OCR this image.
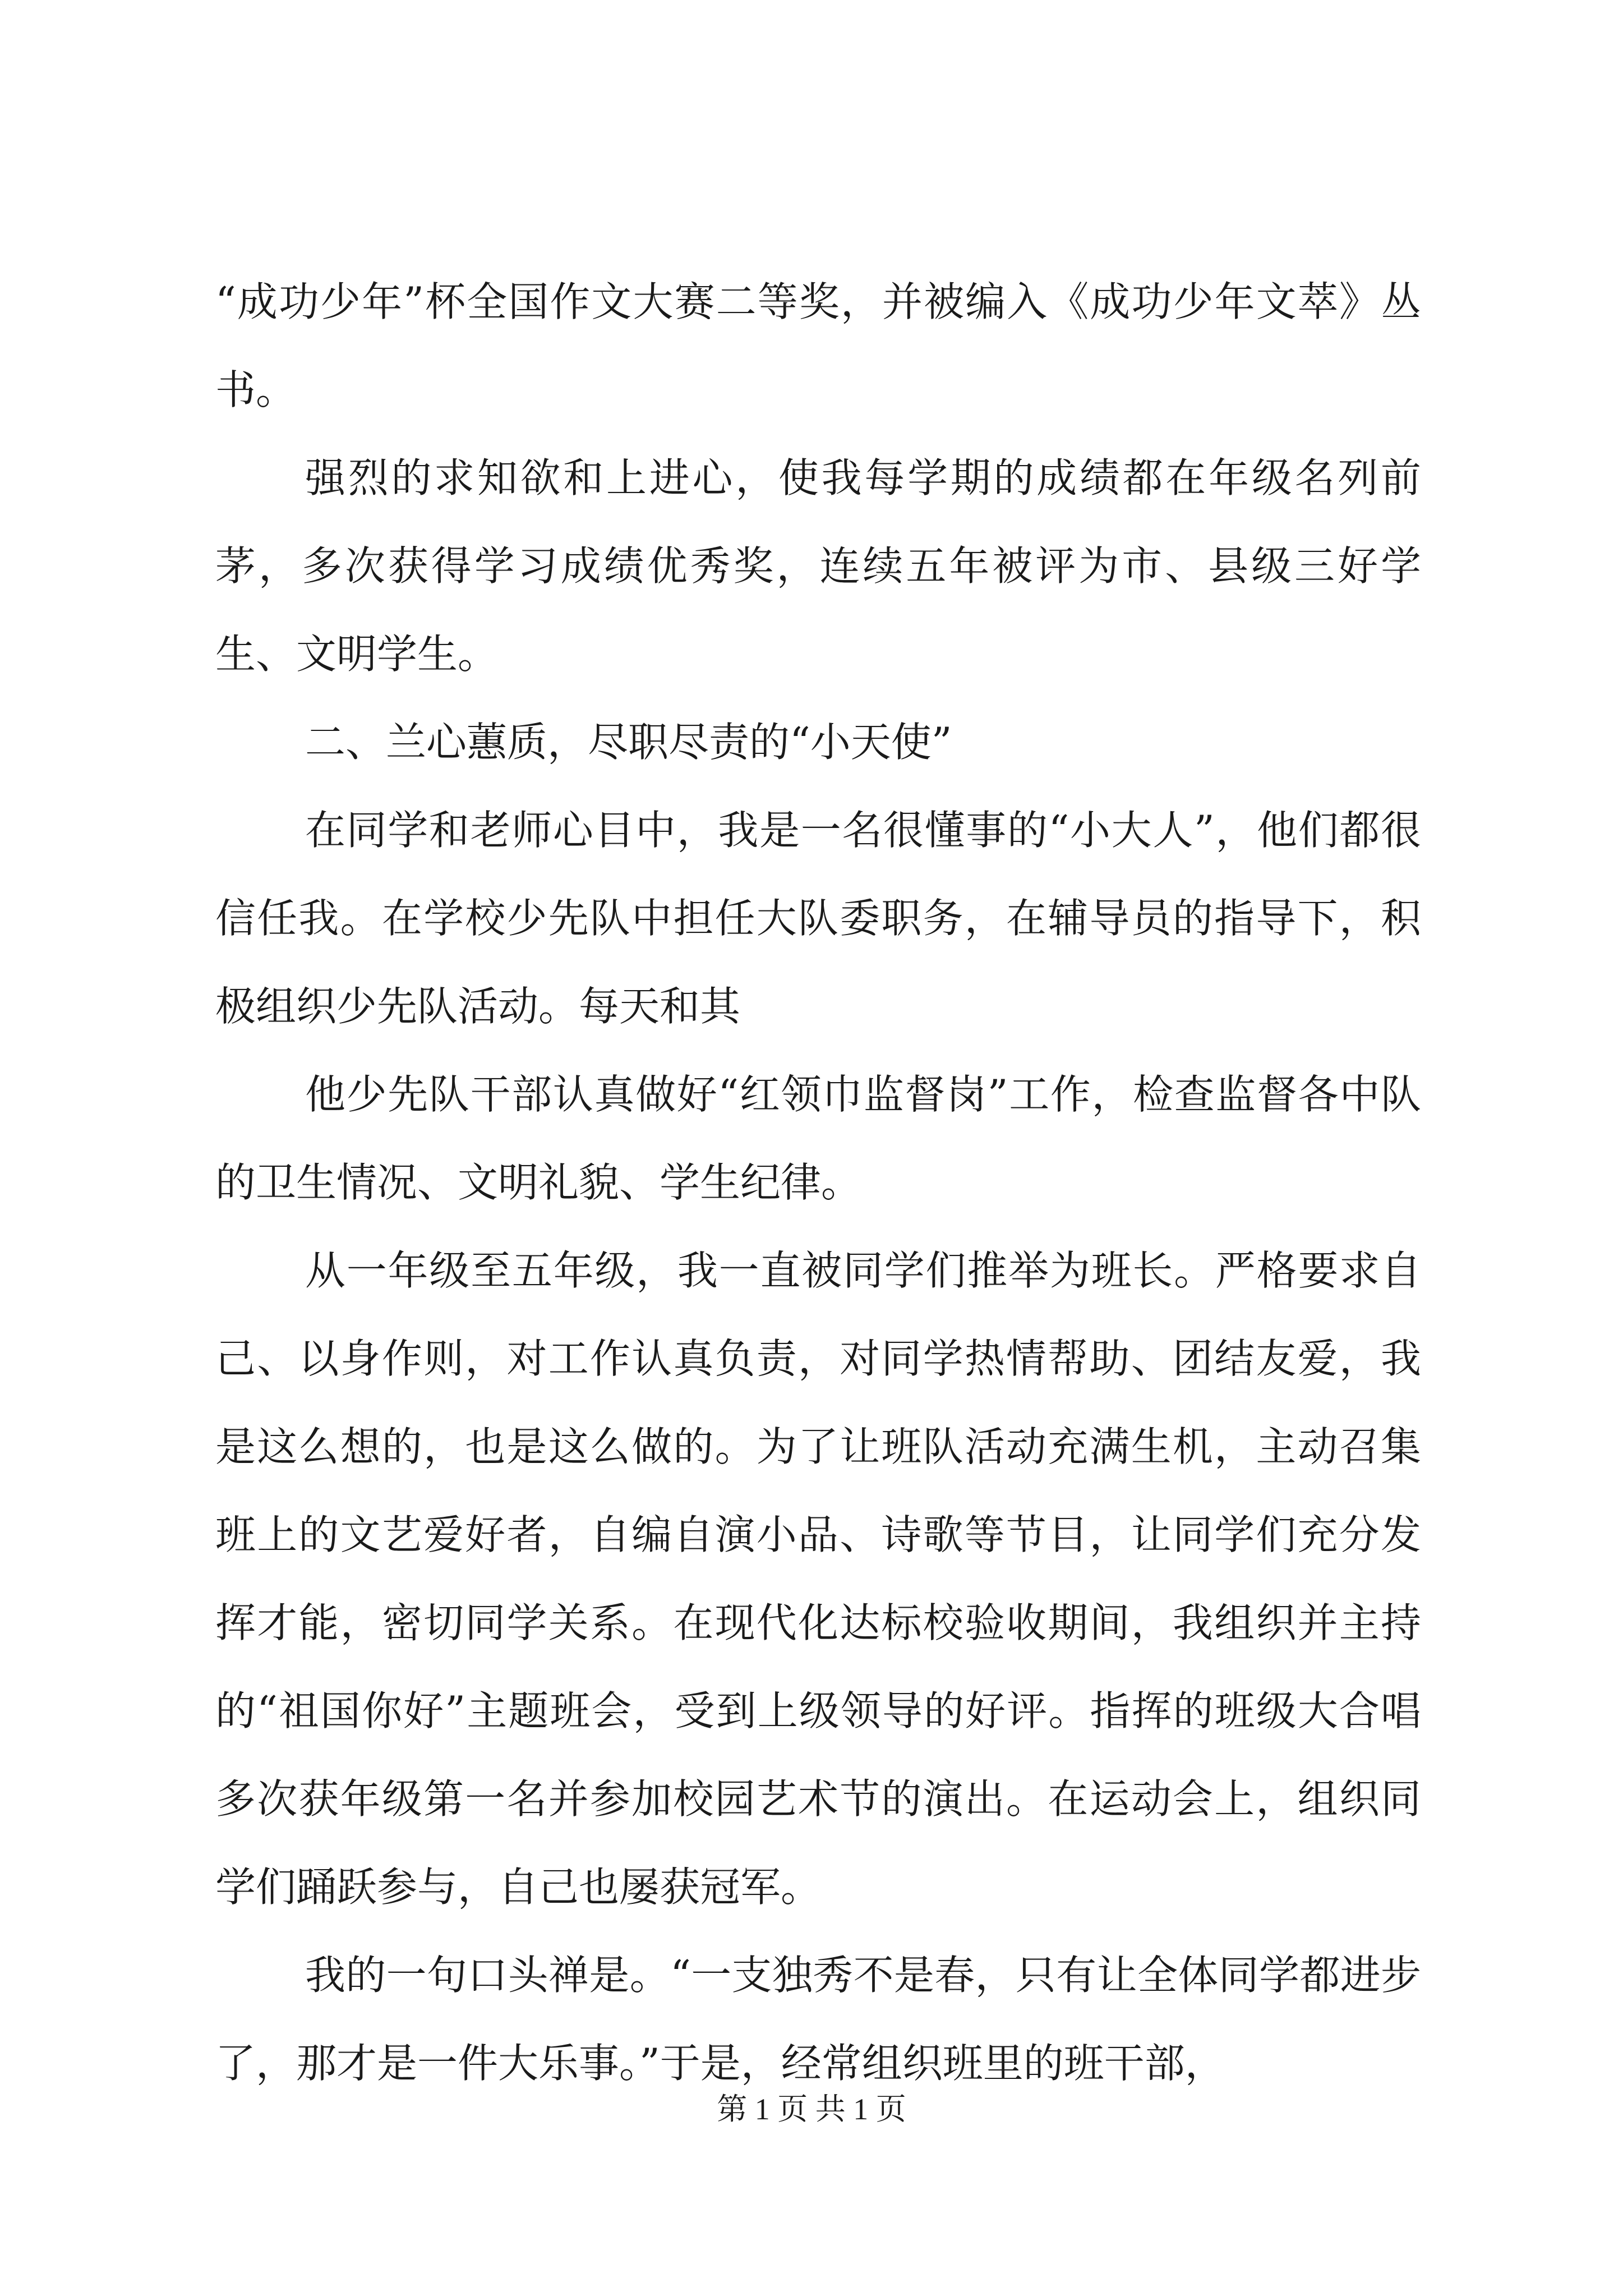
“成功少年”杯全国作文大赛二等奖，并被编入《成功少年文萃》丛书。

强烈的求知欲和上进心，使我每学期的成绩都在年级名列前茅，多次获得学习成绩优秀奖，连续五年被评为市、县级三好学生、文明学生。

二、兰心蕙质，尽职尽责的“小天使”

在同学和老师心目中，我是一名很懂事的“小大人”，他们都很信任我。在学校少先队中担任大队委职务，在辅导员的指导下，积极组织少先队活动。每天和其

他少先队干部认真做好“红领巾监督岗”工作，检查监督各中队的卫生情况、文明礼貌、学生纪律。

从一年级至五年级，我一直被同学们推举为班长。严格要求自己、以身作则，对工作认真负责，对同学热情帮助、团结友爱，我是这么想的，也是这么做的。为了让班队活动充满生机，主动召集班上的文艺爱好者，自编自演小品、诗歌等节目，让同学们充分发挥才能，密切同学关系。在现代化达标校验收期间，我组织并主持的“祖国你好”主题班会，受到上级领导的好评。指挥的班级大合唱多次获年级第一名并参加校园艺术节的演出。在运动会上，组织同学们踊跃参与，自己也屡获冠军。

我的一句口头禅是。“一支独秀不是春，只有让全体同学都进步了，那才是一件大乐事。”于是，经常组织班里的班干部，

第 1 页 共 1 页
